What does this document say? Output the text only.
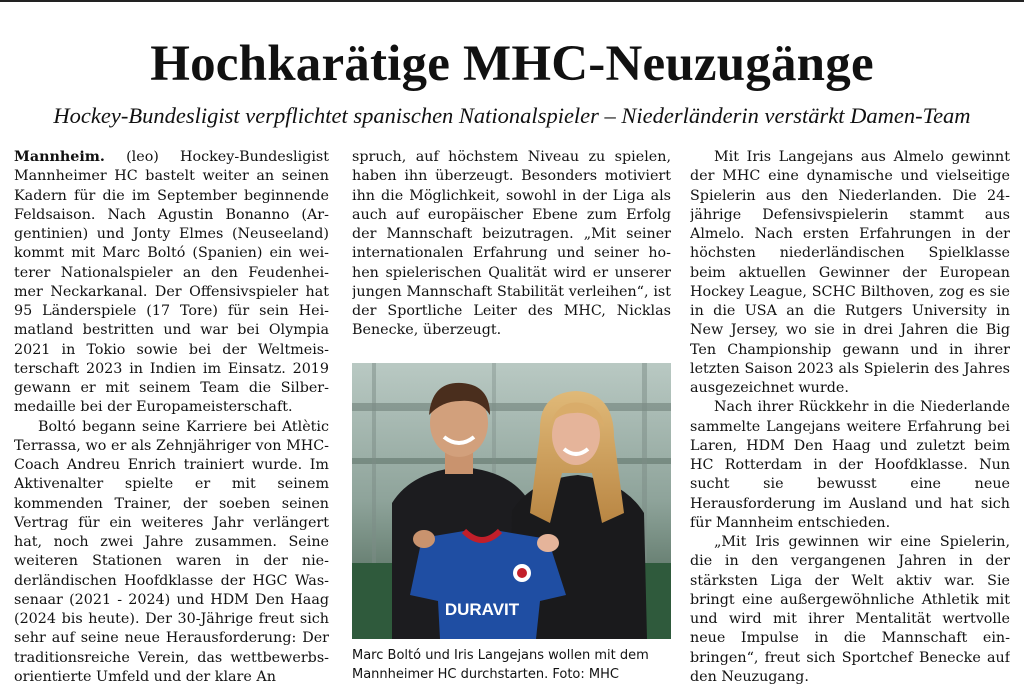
Hochkarätige MHC-Neuzugänge

Hockey-Bundesligist verpflichtet spanischen Nationalspieler – Niederländerin verstärkt Damen-Team

Mannheim. (leo) Hockey-Bundesligist Mannheimer HC bastelt weiter an seinen Kadern für die im September beginnende Feldsaison. Nach Agustin Bonanno (Argentinien) und Jonty Elmes (Neuseeland) kommt mit Marc Boltó (Spanien) ein weiterer Nationalspieler an den Feudenheimer Neckarkanal. Der Offensivspieler hat 95 Länderspiele (17 Tore) für sein Heimatland bestritten und war bei Olympia 2021 in Tokio sowie bei der Weltmeisterschaft 2023 in Indien im Einsatz. 2019 gewann er mit seinem Team die Silbermedaille bei der Europameisterschaft.

Boltó begann seine Karriere bei Atlètic Terrassa, wo er als Zehnjähriger von MHC-Coach Andreu Enrich trainiert wurde. Im Aktivenalter spielte er mit seinem kommenden Trainer, der soeben seinen Vertrag für ein weiteres Jahr verlängert hat, noch zwei Jahre zusammen. Seine weiteren Stationen waren in der niederländischen Hoofdklasse der HGC Wassenaar (2021 - 2024) und HDM Den Haag (2024 bis heute). Der 30-Jährige freut sich sehr auf seine neue Herausforderung: Der traditionsreiche Verein, das wettbewerbsorientierte Umfeld und der klare An

spruch, auf höchstem Niveau zu spielen, haben ihn überzeugt. Besonders motiviert ihn die Möglichkeit, sowohl in der Liga als auch auf europäischer Ebene zum Erfolg der Mannschaft beizutragen. „Mit seiner internationalen Erfahrung und seiner hohen spielerischen Qualität wird er unserer jungen Mannschaft Stabilität verleihen“, ist der Sportliche Leiter des MHC, Nicklas Benecke, überzeugt.

DURAVIT

Marc Boltó und Iris Langejans wollen mit dem Mannheimer HC durchstarten. Foto: MHC

Mit Iris Langejans aus Almelo gewinnt der MHC eine dynamische und vielseitige Spielerin aus den Niederlanden. Die 24-jährige Defensivspielerin stammt aus Almelo. Nach ersten Erfahrungen in der höchsten niederländischen Spielklasse beim aktuellen Gewinner der European Hockey League, SCHC Bilthoven, zog es sie in die USA an die Rutgers University in New Jersey, wo sie in drei Jahren die Big Ten Championship gewann und in ihrer letzten Saison 2023 als Spielerin des Jahres ausgezeichnet wurde.

Nach ihrer Rückkehr in die Niederlande sammelte Langejans weitere Erfahrung bei Laren, HDM Den Haag und zuletzt beim HC Rotterdam in der Hoofdklasse. Nun sucht sie bewusst eine neue Herausforderung im Ausland und hat sich für Mannheim entschieden.

„Mit Iris gewinnen wir eine Spielerin, die in den vergangenen Jahren in der stärksten Liga der Welt aktiv war. Sie bringt eine außergewöhnliche Athletik mit und wird mit ihrer Mentalität wertvolle neue Impulse in die Mannschaft einbringen“, freut sich Sportchef Benecke auf den Neuzugang.
